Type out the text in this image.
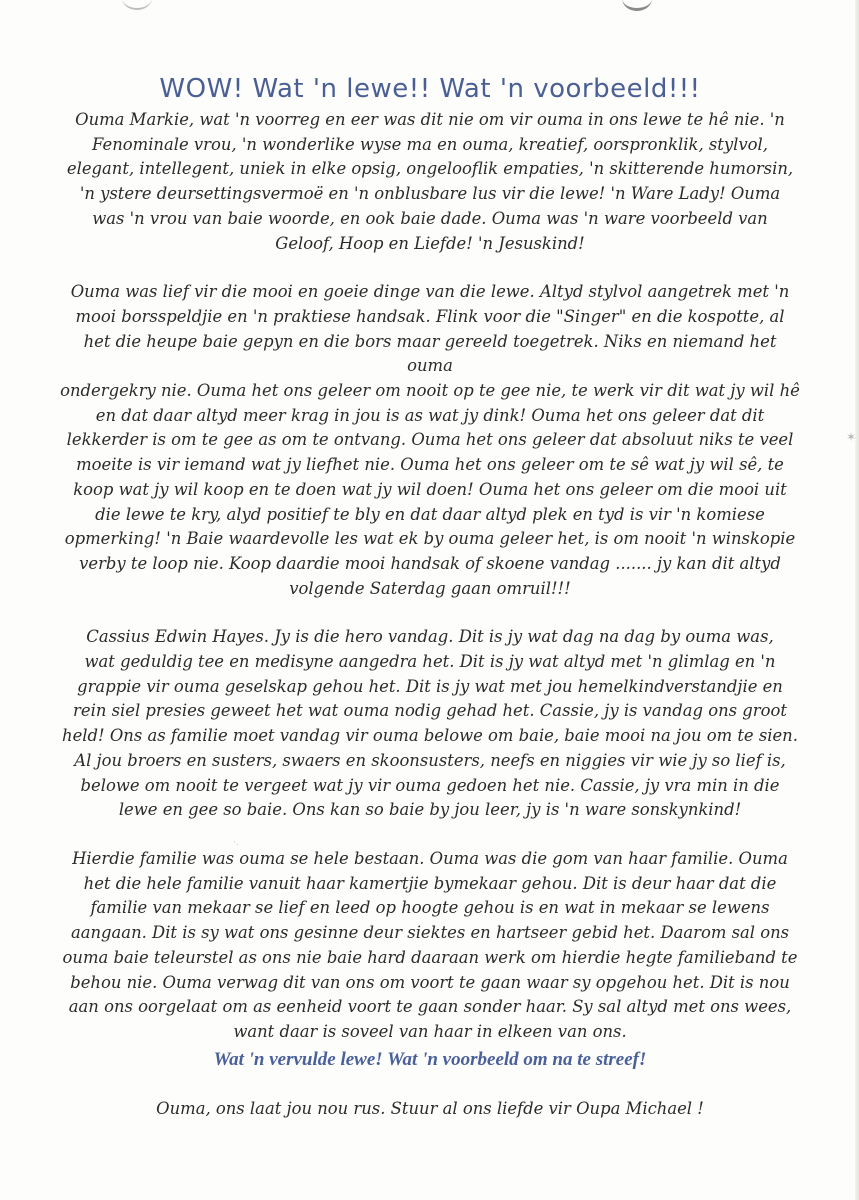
✶
·.
WOW! Wat 'n lewe!! Wat 'n voorbeeld!!!

Ouma Markie, wat 'n voorreg en eer was dit nie om vir ouma in ons lewe te hê nie. 'n

Fenominale vrou, 'n wonderlike wyse ma en ouma, kreatief, oorspronklik, stylvol,

elegant, intellegent, uniek in elke opsig, ongelooflik empaties, 'n skitterende humorsin,

'n ystere deursettingsvermoë en 'n onblusbare lus vir die lewe! 'n Ware Lady! Ouma

was 'n vrou van baie woorde, en ook baie dade. Ouma was 'n ware voorbeeld van

Geloof, Hoop en Liefde! 'n Jesuskind!

Ouma was lief vir die mooi en goeie dinge van die lewe. Altyd stylvol aangetrek met 'n

mooi borsspeldjie en 'n praktiese handsak. Flink voor die "Singer" en die kospotte, al

het die heupe baie gepyn en die bors maar gereeld toegetrek. Niks en niemand het ouma

ondergekry nie. Ouma het ons geleer om nooit op te gee nie, te werk vir dit wat jy wil hê

en dat daar altyd meer krag in jou is as wat jy dink! Ouma het ons geleer dat dit

lekkerder is om te gee as om te ontvang. Ouma het ons geleer dat absoluut niks te veel

moeite is vir iemand wat jy liefhet nie. Ouma het ons geleer om te sê wat jy wil sê, te

koop wat jy wil koop en te doen wat jy wil doen! Ouma het ons geleer om die mooi uit

die lewe te kry, alyd positief te bly en dat daar altyd plek en tyd is vir 'n komiese

opmerking! 'n Baie waardevolle les wat ek by ouma geleer het, is om nooit 'n winskopie

verby te loop nie. Koop daardie mooi handsak of skoene vandag ....... jy kan dit altyd

volgende Saterdag gaan omruil!!!

Cassius Edwin Hayes. Jy is die hero vandag. Dit is jy wat dag na dag by ouma was,

wat geduldig tee en medisyne aangedra het. Dit is jy wat altyd met 'n glimlag en 'n

grappie vir ouma geselskap gehou het. Dit is jy wat met jou hemelkindverstandjie en

rein siel presies geweet het wat ouma nodig gehad het. Cassie, jy is vandag ons groot

held! Ons as familie moet vandag vir ouma belowe om baie, baie mooi na jou om te sien.

Al jou broers en susters, swaers en skoonsusters, neefs en niggies vir wie jy so lief is,

belowe om nooit te vergeet wat jy vir ouma gedoen het nie. Cassie, jy vra min in die

lewe en gee so baie. Ons kan so baie by jou leer, jy is 'n ware sonskynkind!

Hierdie familie was ouma se hele bestaan. Ouma was die gom van haar familie. Ouma

het die hele familie vanuit haar kamertjie bymekaar gehou. Dit is deur haar dat die

familie van mekaar se lief en leed op hoogte gehou is en wat in mekaar se lewens

aangaan. Dit is sy wat ons gesinne deur siektes en hartseer gebid het. Daarom sal ons

ouma baie teleurstel as ons nie baie hard daaraan werk om hierdie hegte familieband te

behou nie. Ouma verwag dit van ons om voort te gaan waar sy opgehou het. Dit is nou

aan ons oorgelaat om as eenheid voort te gaan sonder haar. Sy sal altyd met ons wees,

want daar is soveel van haar in elkeen van ons.

Wat 'n vervulde lewe! Wat 'n voorbeeld om na te streef!
Ouma, ons laat jou nou rus. Stuur al ons liefde vir Oupa Michael !
